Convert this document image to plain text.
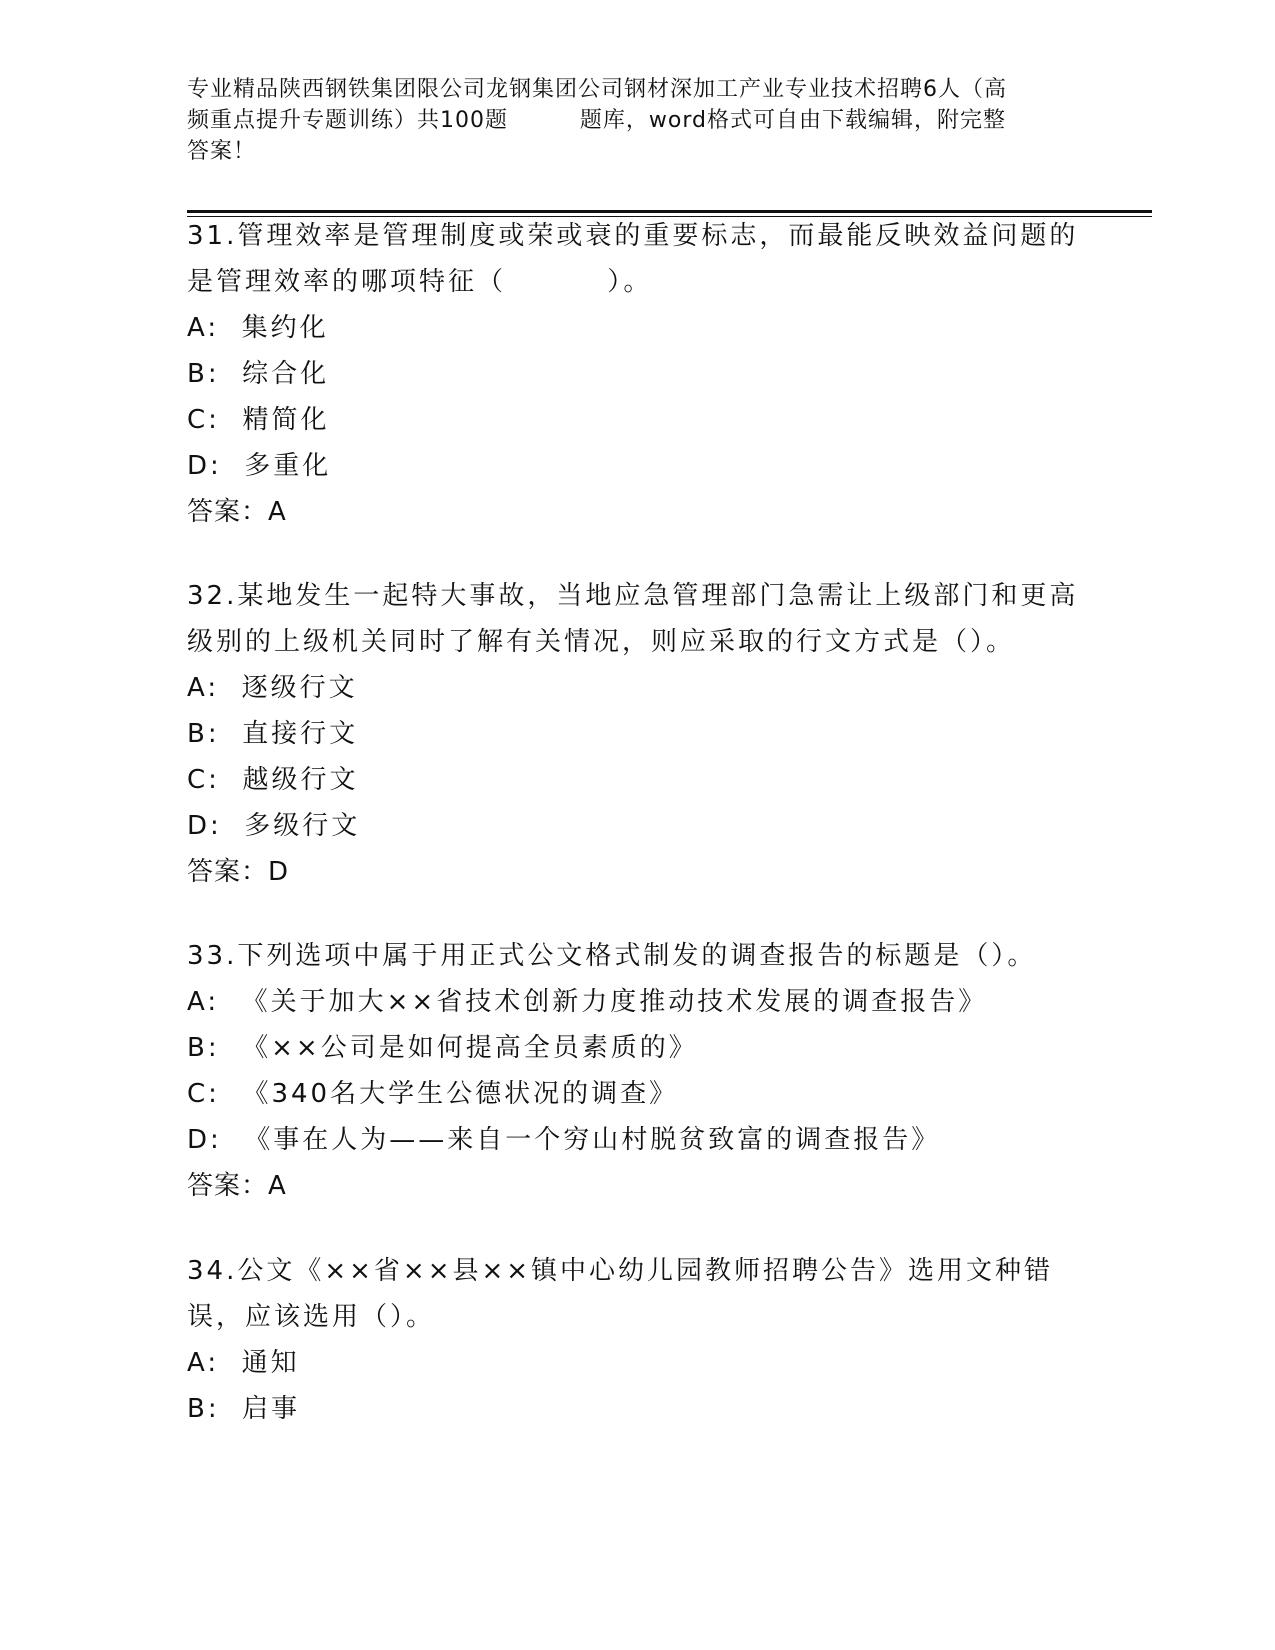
专业精品陕西钢铁集团限公司龙钢集团公司钢材深加工产业专业技术招聘6人（高
频重点提升专题训练）共100题         题库，word格式可自由下载编辑，附完整
答案！
31.管理效率是管理制度或荣或衰的重要标志，而最能反映效益问题的
是管理效率的哪项特征（         ）。
A:  集约化
B:  综合化
C:  精简化
D:  多重化
答案：A
32.某地发生一起特大事故，当地应急管理部门急需让上级部门和更高
级别的上级机关同时了解有关情况，则应采取的行文方式是（）。
A:  逐级行文
B:  直接行文
C:  越级行文
D:  多级行文
答案：D
33.下列选项中属于用正式公文格式制发的调查报告的标题是（）。
A:  《关于加大××省技术创新力度推动技术发展的调查报告》
B:  《××公司是如何提高全员素质的》
C:  《340名大学生公德状况的调查》
D:  《事在人为——来自一个穷山村脱贫致富的调查报告》
答案：A
34.公文《××省××县××镇中心幼儿园教师招聘公告》选用文种错
误，应该选用（）。
A:  通知
B:  启事
